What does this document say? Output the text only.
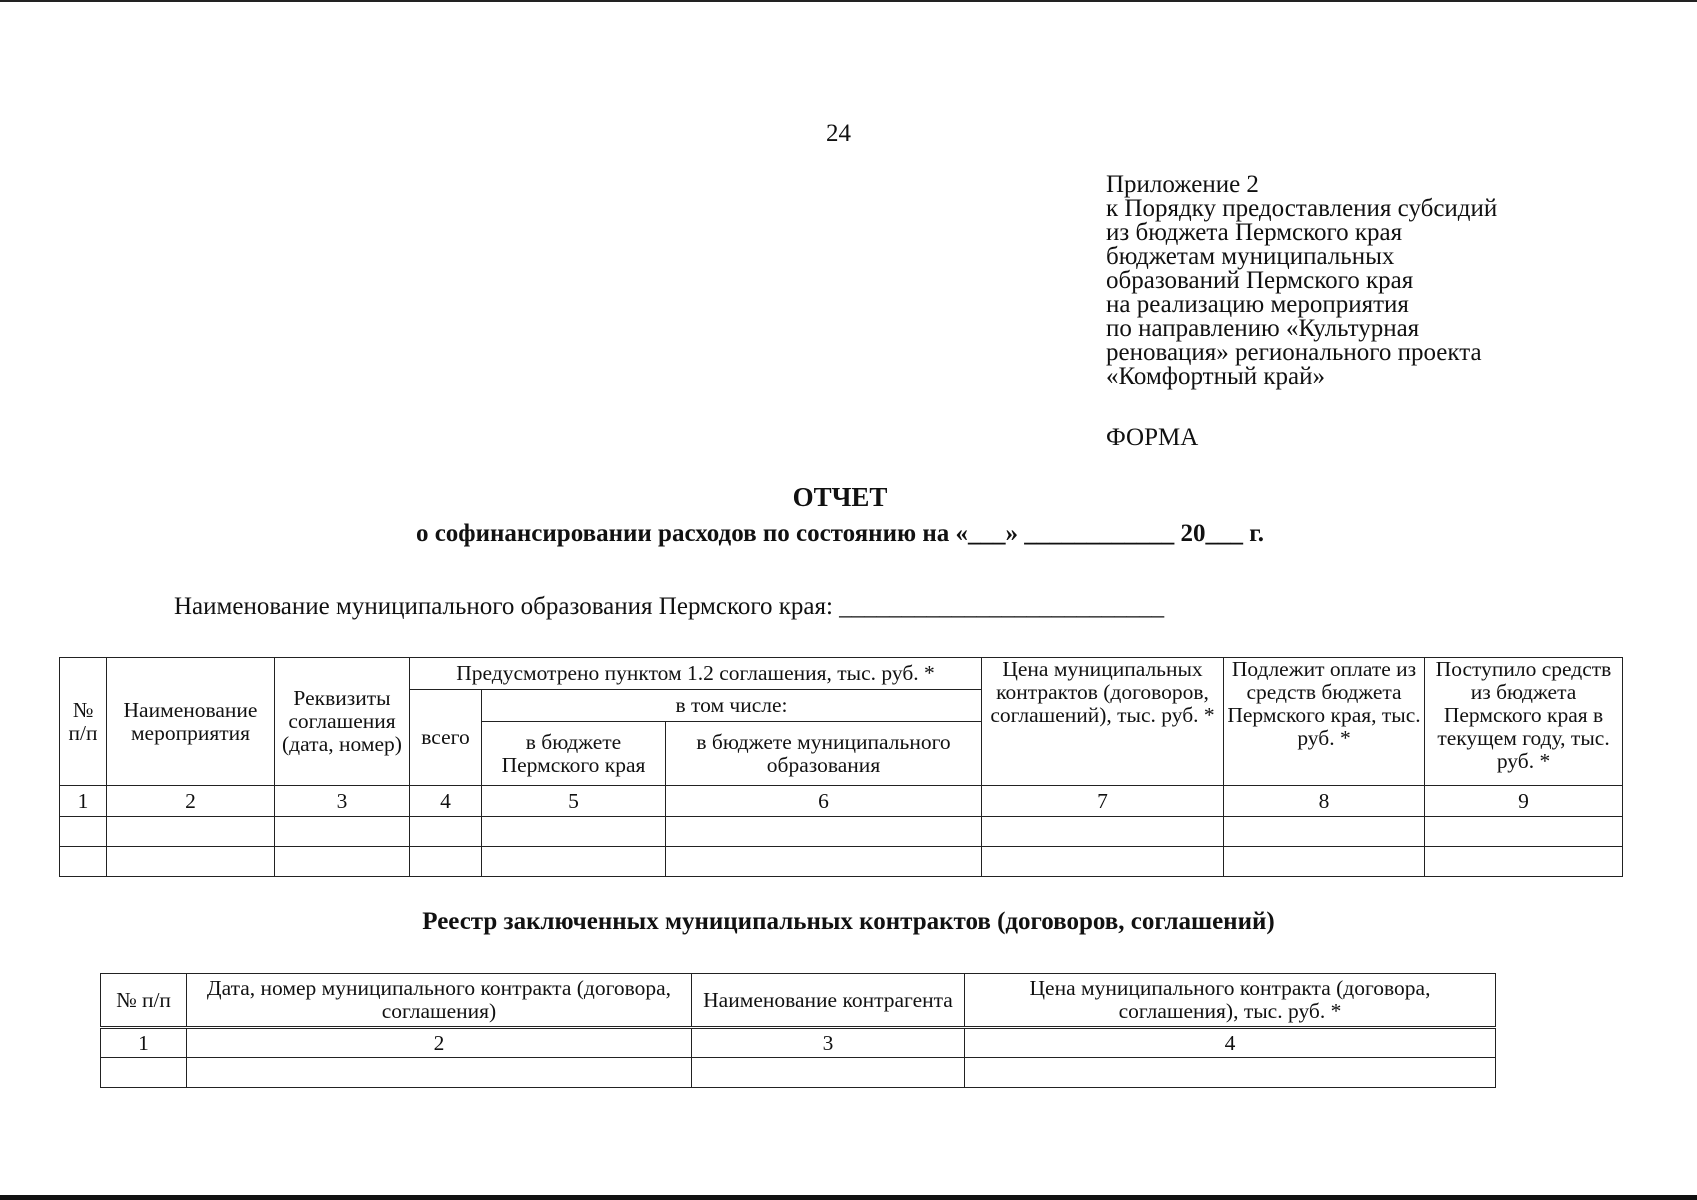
24
Приложение 2
к Порядку предоставления субсидий
из бюджета Пермского края
бюджетам муниципальных
образований Пермского края
на реализацию мероприятия
по направлению «Культурная
реновация» регионального проекта
«Комфортный край»
ФОРМА
ОТЧЕТ
о софинансировании расходов по состоянию на «___» ____________ 20___ г.
Наименование муниципального образования Пермского края: __________________________
№ п/п	Наименование мероприятия	Реквизиты соглашения (дата, номер)	Предусмотрено пунктом 1.2 соглашения, тыс. руб. *			Цена муниципальных контрактов (договоров, соглашений), тыс. руб. *	Подлежит оплате из средств бюджета Пермского края, тыс. руб. *	Поступило средств из бюджета Пермского края в текущем году, тыс. руб. *
			всего	в том числе:				
				в бюджете Пермского края	в бюджете муниципального образования			
1	2	3	4	5	6	7	8	9

Реестр заключенных муниципальных контрактов (договоров, соглашений)
№ п/п	Дата, номер муниципального контракта (договора, соглашения)	Наименование контрагента	Цена муниципального контракта (договора, соглашения), тыс. руб. *
1	2	3	4
